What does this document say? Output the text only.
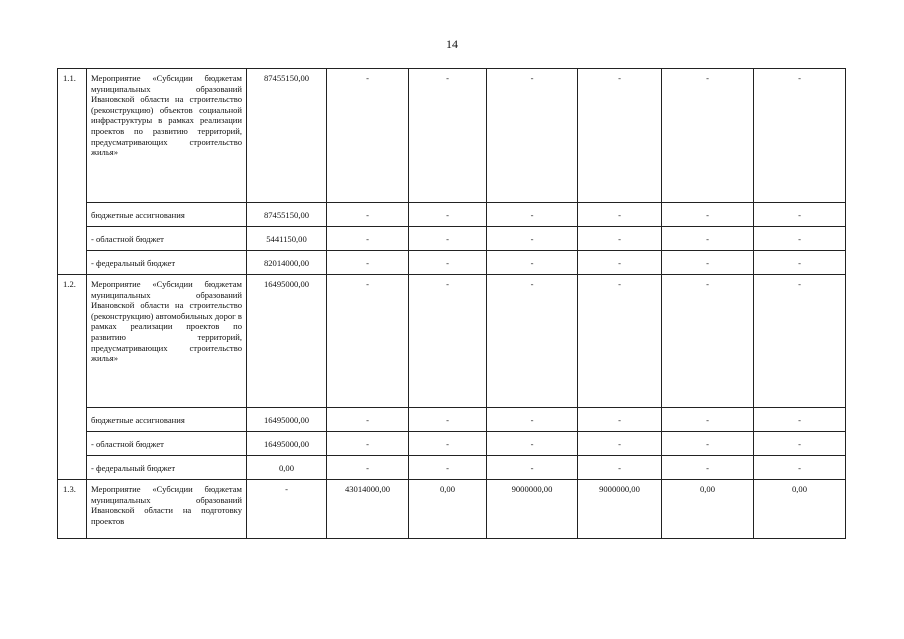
14
1.1.	Мероприятие «Субсидии бюджетам муниципальных образований Ивановской области на строительство (реконструкцию) объектов социальной инфраструктуры в рамках реализации проектов по развитию территорий, предусматривающих строительство жилья»	87455150,00	-	-	-	-	-	-
	бюджетные ассигнования	87455150,00	-	-	-	-	-	-
	- областной бюджет	5441150,00	-	-	-	-	-	-
	- федеральный бюджет	82014000,00	-	-	-	-	-	-
1.2.	Мероприятие «Субсидии бюджетам муниципальных образований Ивановской области на строительство (реконструкцию) автомобильных дорог в рамках реализации проектов по развитию территорий, предусматривающих строительство жилья»	16495000,00	-	-	-	-	-	-
	бюджетные ассигнования	16495000,00	-	-	-	-	-	-
	- областной бюджет	16495000,00	-	-	-	-	-	-
	- федеральный бюджет	0,00	-	-	-	-	-	-
1.3.	Мероприятие «Субсидии бюджетам муниципальных образований Ивановской области на подготовку проектов	-	43014000,00	0,00	9000000,00	9000000,00	0,00	0,00
